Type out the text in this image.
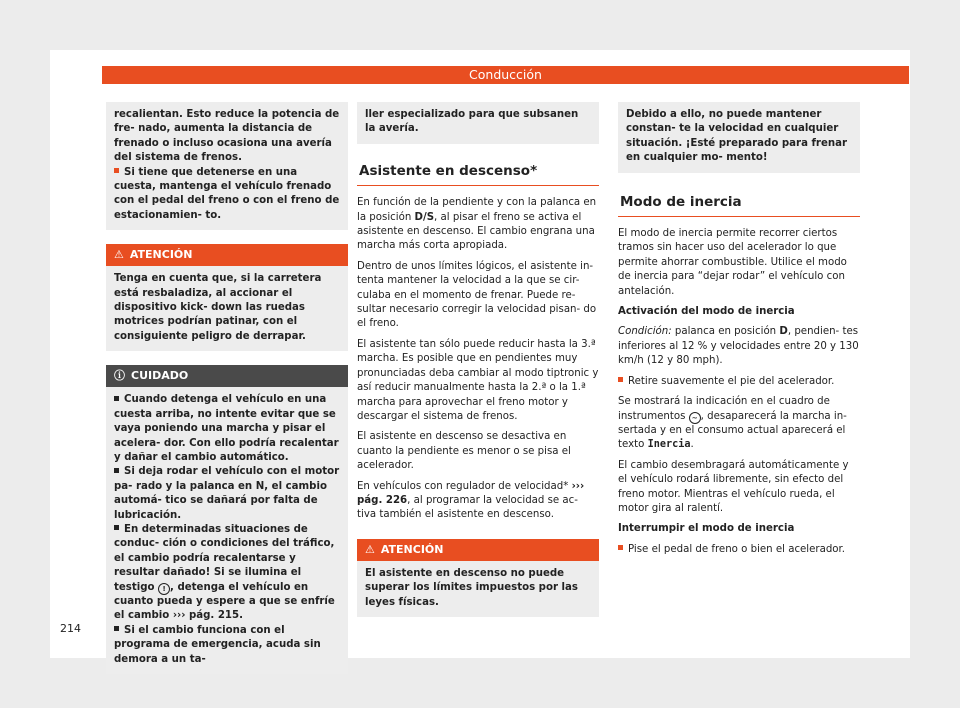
Conducción

recalientan. Esto reduce la potencia de fre- nado, aumenta la distancia de frenado o incluso ocasiona una avería del sistema de frenos.

Si tiene que detenerse en una cuesta, mantenga el vehículo frenado con el pedal del freno o con el freno de estacionamien- to.

⚠ ATENCIÓN

Tenga en cuenta que, si la carretera está resbaladiza, al accionar el dispositivo kick- down las ruedas motrices podrían patinar, con el consiguiente peligro de derrapar.

ⓘ CUIDADO

Cuando detenga el vehículo en una cuesta arriba, no intente evitar que se vaya poniendo una marcha y pisar el acelera- dor. Con ello podría recalentar y dañar el cambio automático.

Si deja rodar el vehículo con el motor pa- rado y la palanca en N, el cambio automá- tico se dañará por falta de lubricación.

En determinadas situaciones de conduc- ción o condiciones del tráfico, el cambio podría recalentarse y resultar dañado! Si se ilumina el testigo ! , detenga el vehículo en cuanto pueda y espere a que se enfríe el cambio ››› pág. 215.

Si el cambio funciona con el programa de emergencia, acuda sin demora a un ta-

ller especializado para que subsanen la avería.

Asistente en descenso*

En función de la pendiente y con la palanca en la posición D/S, al pisar el freno se activa el asistente en descenso. El cambio engrana una marcha más corta apropiada.

Dentro de unos límites lógicos, el asistente in- tenta mantener la velocidad a la que se cir- culaba en el momento de frenar. Puede re- sultar necesario corregir la velocidad pisan- do el freno.

El asistente tan sólo puede reducir hasta la 3.ª marcha. Es posible que en pendientes muy pronunciadas deba cambiar al modo tiptronic y así reducir manualmente hasta la 2.ª o la 1.ª marcha para aprovechar el freno motor y descargar el sistema de frenos.

El asistente en descenso se desactiva en cuanto la pendiente es menor o se pisa el acelerador.

En vehículos con regulador de velocidad* ››› pág. 226, al programar la velocidad se ac- tiva también el asistente en descenso.

⚠ ATENCIÓN

El asistente en descenso no puede superar los límites impuestos por las leyes físicas.

Debido a ello, no puede mantener constan- te la velocidad en cualquier situación. ¡Esté preparado para frenar en cualquier mo- mento!

Modo de inercia

El modo de inercia permite recorrer ciertos tramos sin hacer uso del acelerador lo que permite ahorrar combustible. Utilice el modo de inercia para “dejar rodar” el vehículo con antelación.

Activación del modo de inercia

Condición: palanca en posición D, pendien- tes inferiores al 12 % y velocidades entre 20 y 130 km/h (12 y 80 mph).

Retire suavemente el pie del acelerador.

Se mostrará la indicación en el cuadro de instrumentos ~ , desaparecerá la marcha in- sertada y en el consumo actual aparecerá el texto Inercia.

El cambio desembragará automáticamente y el vehículo rodará libremente, sin efecto del freno motor. Mientras el vehículo rueda, el motor gira al ralentí.

Interrumpir el modo de inercia

Pise el pedal de freno o bien el acelerador.

214
